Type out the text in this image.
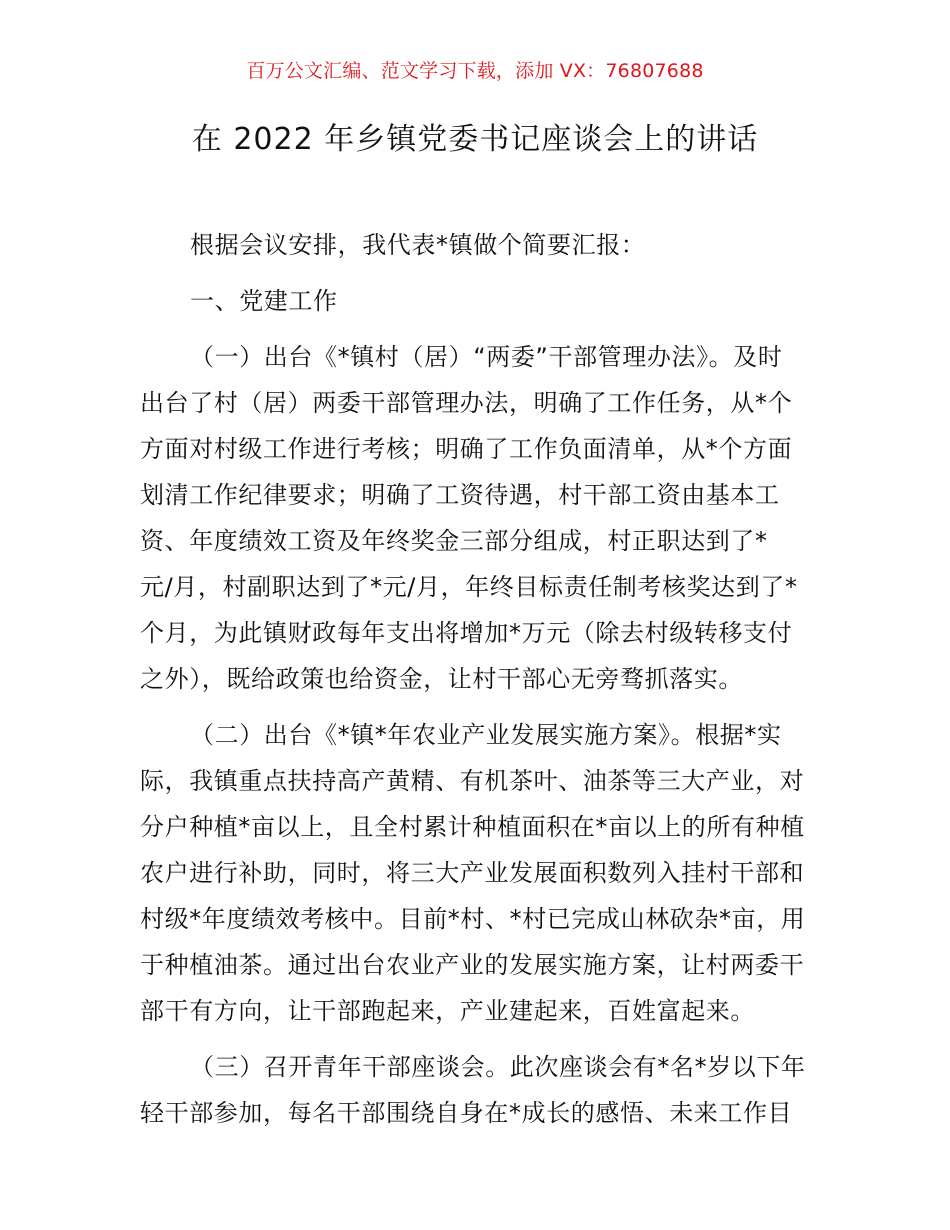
百万公文汇编、范文学习下载，添加 VX：76807688
在 2022 年乡镇党委书记座谈会上的讲话
根据会议安排，我代表*镇做个简要汇报：
一、党建工作
（一）出台《*镇村（居）“两委”干部管理办法》。及时
出台了村（居）两委干部管理办法，明确了工作任务，从*个
方面对村级工作进行考核；明确了工作负面清单，从*个方面
划清工作纪律要求；明确了工资待遇，村干部工资由基本工
资、年度绩效工资及年终奖金三部分组成，村正职达到了*
元/月，村副职达到了*元/月，年终目标责任制考核奖达到了*
个月，为此镇财政每年支出将增加*万元（除去村级转移支付
之外），既给政策也给资金，让村干部心无旁骛抓落实。
（二）出台《*镇*年农业产业发展实施方案》。根据*实
际，我镇重点扶持高产黄精、有机茶叶、油茶等三大产业，对
分户种植*亩以上，且全村累计种植面积在*亩以上的所有种植
农户进行补助，同时，将三大产业发展面积数列入挂村干部和
村级*年度绩效考核中。目前*村、*村已完成山林砍杂*亩，用
于种植油茶。通过出台农业产业的发展实施方案，让村两委干
部干有方向，让干部跑起来，产业建起来，百姓富起来。
（三）召开青年干部座谈会。此次座谈会有*名*岁以下年
轻干部参加，每名干部围绕自身在*成长的感悟、未来工作目
